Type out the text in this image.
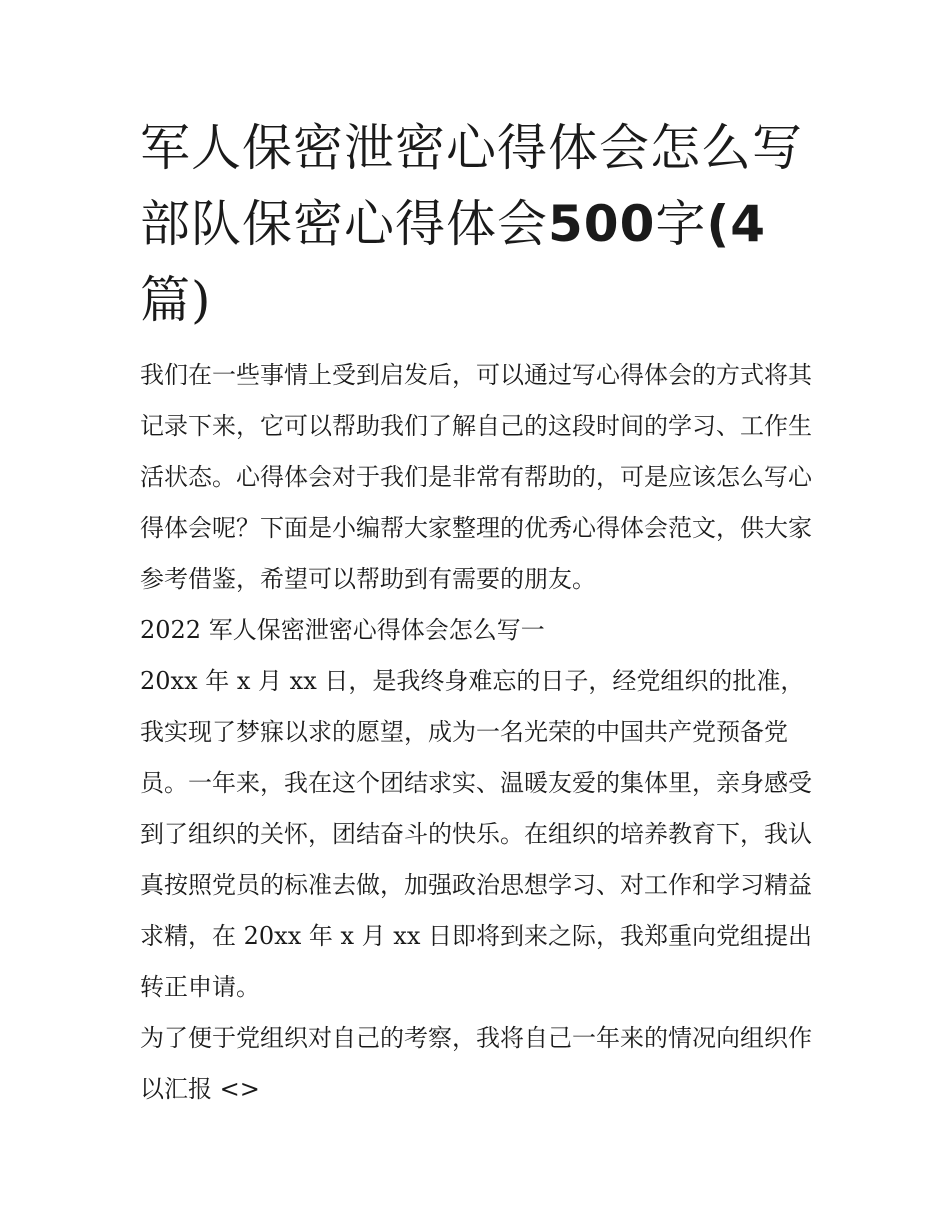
军人保密泄密心得体会怎么写部队保密心得体会500字(4
篇)

我们在一些事情上受到启发后，可以通过写心得体会的方式将其记录下来，它可以帮助我们了解自己的这段时间的学习、工作生活状态。心得体会对于我们是非常有帮助的，可是应该怎么写心得体会呢？下面是小编帮大家整理的优秀心得体会范文，供大家参考借鉴，希望可以帮助到有需要的朋友。

2022 军人保密泄密心得体会怎么写一

20xx 年 x 月 xx 日，是我终身难忘的日子，经党组织的批准，我实现了梦寐以求的愿望，成为一名光荣的中国共产党预备党员。一年来，我在这个团结求实、温暖友爱的集体里，亲身感受到了组织的关怀，团结奋斗的快乐。在组织的培养教育下，我认真按照党员的标准去做，加强政治思想学习、对工作和学习精益求精，在 20xx 年 x 月 xx 日即将到来之际，我郑重向党组提出转正申请。

为了便于党组织对自己的考察，我将自己一年来的情况向组织作以汇报 <>
